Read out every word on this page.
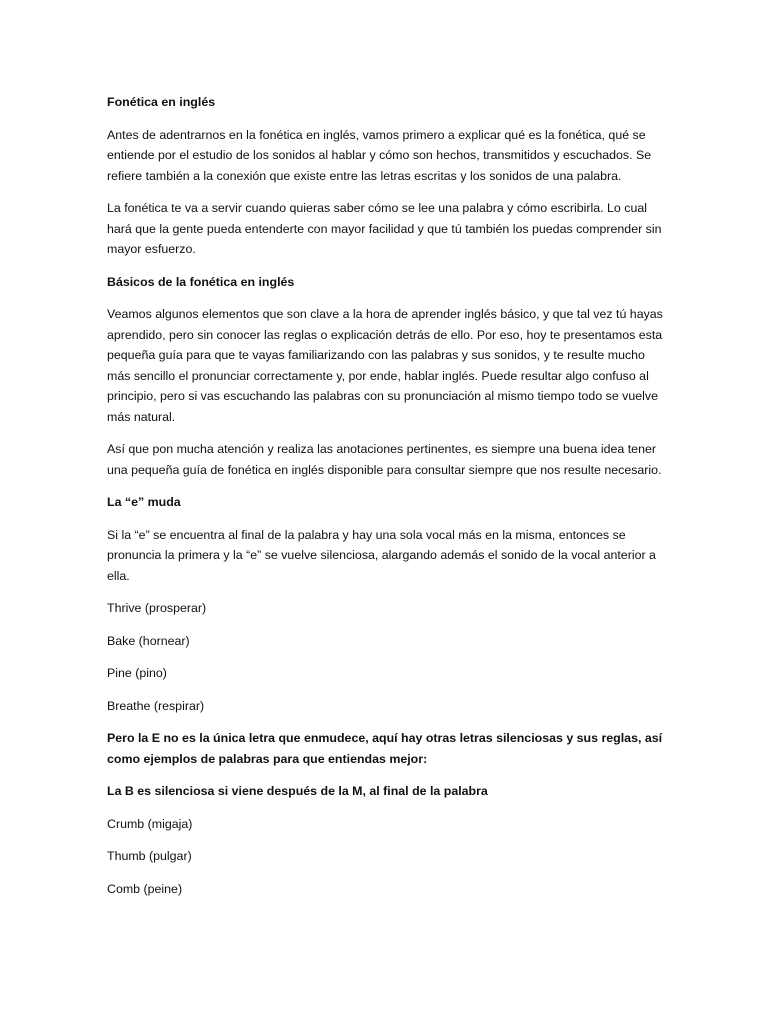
Fonética en inglés

Antes de adentrarnos en la fonética en inglés, vamos primero a explicar qué es la fonética, qué se entiende por el estudio de los sonidos al hablar y cómo son hechos, transmitidos y escuchados. Se refiere también a la conexión que existe entre las letras escritas y los sonidos de una palabra.

La fonética te va a servir cuando quieras saber cómo se lee una palabra y cómo escribirla. Lo cual hará que la gente pueda entenderte con mayor facilidad y que tú también los puedas comprender sin mayor esfuerzo.

Básicos de la fonética en inglés

Veamos algunos elementos que son clave a la hora de aprender inglés básico, y que tal vez tú hayas aprendido, pero sin conocer las reglas o explicación detrás de ello. Por eso, hoy te presentamos esta pequeña guía para que te vayas familiarizando con las palabras y sus sonidos, y te resulte mucho más sencillo el pronunciar correctamente y, por ende, hablar inglés. Puede resultar algo confuso al principio, pero si vas escuchando las palabras con su pronunciación al mismo tiempo todo se vuelve más natural.

Así que pon mucha atención y realiza las anotaciones pertinentes, es siempre una buena idea tener una pequeña guía de fonética en inglés disponible para consultar siempre que nos resulte necesario.

La “e” muda

Si la “e” se encuentra al final de la palabra y hay una sola vocal más en la misma, entonces se pronuncia la primera y la “e” se vuelve silenciosa, alargando además el sonido de la vocal anterior a ella.

Thrive (prosperar)

Bake (hornear)

Pine (pino)

Breathe (respirar)

Pero la E no es la única letra que enmudece, aquí hay otras letras silenciosas y sus reglas, así como ejemplos de palabras para que entiendas mejor:

La B es silenciosa si viene después de la M, al final de la palabra

Crumb (migaja)

Thumb (pulgar)

Comb (peine)
